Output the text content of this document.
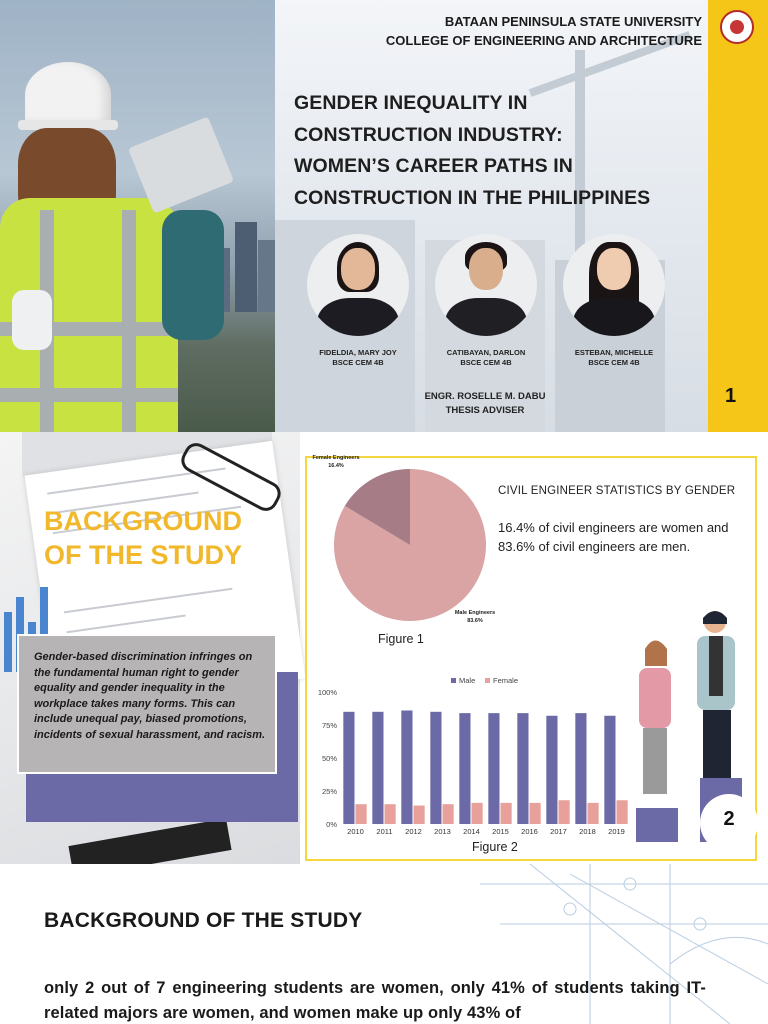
BATAAN PENINSULA STATE UNIVERSITY
COLLEGE OF ENGINEERING AND ARCHITECTURE
GENDER INEQUALITY IN
CONSTRUCTION INDUSTRY:
WOMEN’S CAREER PATHS IN
CONSTRUCTION IN THE PHILIPPINES
FIDELDIA, MARY JOY
BSCE CEM 4B
CATIBAYAN, DARLON
BSCE CEM 4B
ESTEBAN, MICHELLE
BSCE CEM 4B
ENGR. ROSELLE M. DABU
THESIS ADVISER
1
BACKGROUND
OF THE STUDY
Gender-based discrimination infringes on the fundamental human right to gender equality and gender inequality in the workplace takes many forms. This can include unequal pay, biased promotions, incidents of sexual harassment, and racism.
Female Engineers
16.4%
Male Engineers
83.6%
CIVIL ENGINEER STATISTICS BY GENDER
16.4% of civil engineers are women and 83.6% of civil engineers are men.
Figure 1
0%
25%
50%
75%
100%
2010 2011 2012 2013 2014 2015 2016 2017 2018 2019
Male Female
Figure 2
2
BACKGROUND OF THE STUDY
only 2 out of 7 engineering students are women, only 41% of students taking IT-related majors are women, and women make up only 43% of
